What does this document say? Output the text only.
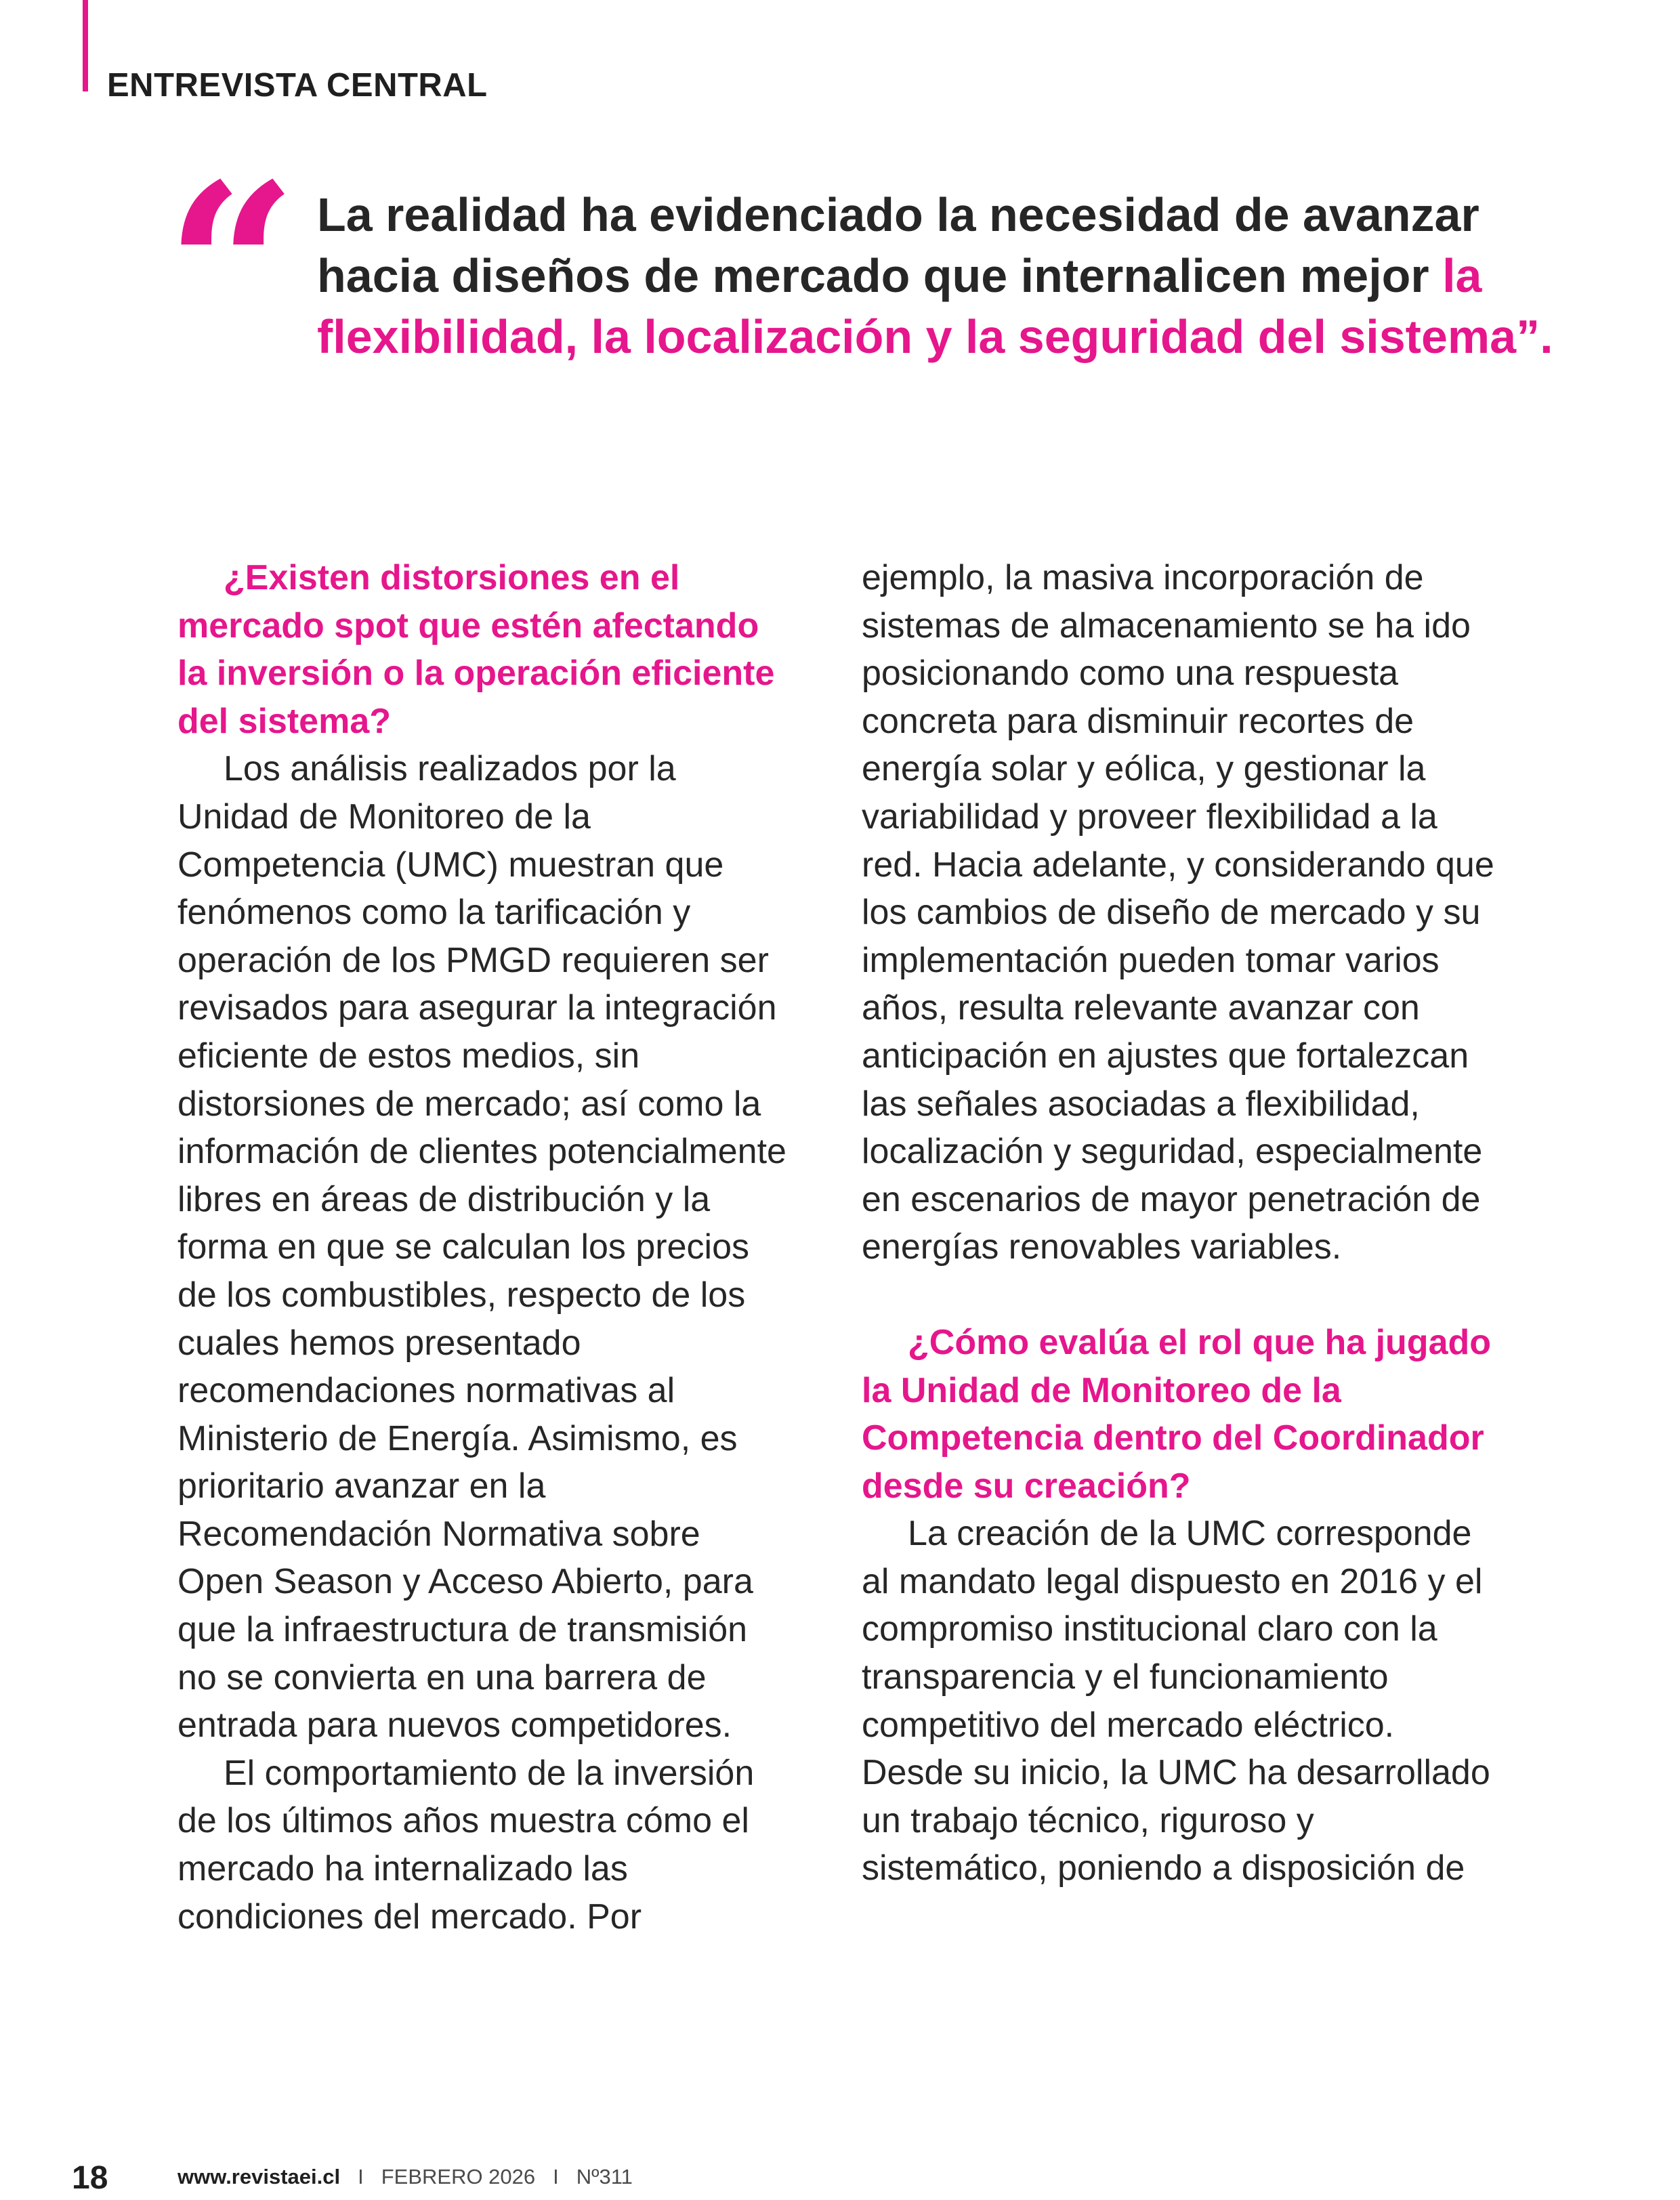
ENTREVISTA CENTRAL
“ La realidad ha evidenciado la necesidad de avanzar hacia diseños de mercado que internalicen mejor la flexibilidad, la localización y la seguridad del sistema”.

¿Existen distorsiones en el mercado spot que estén afectando la inversión o la operación eficiente del sistema?

Los análisis realizados por la Unidad de Monitoreo de la Competencia (UMC) muestran que fenómenos como la tarificación y operación de los PMGD requieren ser revisados para asegurar la integración eficiente de estos medios, sin distorsiones de mercado; así como la información de clientes potencialmente libres en áreas de distribución y la forma en que se calculan los precios de los combustibles, respecto de los cuales hemos presentado recomendaciones normativas al Ministerio de Energía. Asimismo, es prioritario avanzar en la Recomendación Normativa sobre Open Season y Acceso Abierto, para que la infraestructura de transmisión no se convierta en una barrera de entrada para nuevos competidores.

El comportamiento de la inversión de los últimos años muestra cómo el mercado ha internalizado las condiciones del mercado. Por

ejemplo, la masiva incorporación de sistemas de almacenamiento se ha ido posicionando como una respuesta concreta para disminuir recortes de energía solar y eólica, y gestionar la variabilidad y proveer flexibilidad a la red. Hacia adelante, y considerando que los cambios de diseño de mercado y su implementación pueden tomar varios años, resulta relevante avanzar con anticipación en ajustes que fortalezcan las señales asociadas a flexibilidad, localización y seguridad, especialmente en escenarios de mayor penetración de energías renovables variables.

¿Cómo evalúa el rol que ha jugado la Unidad de Monitoreo de la Competencia dentro del Coordinador desde su creación?

La creación de la UMC corresponde al mandato legal dispuesto en 2016 y el compromiso institucional claro con la transparencia y el funcionamiento competitivo del mercado eléctrico. Desde su inicio, la UMC ha desarrollado un trabajo técnico, riguroso y sistemático, poniendo a disposición de

18	www.revistaei.cl I FEBRERO 2026 I Nº311
